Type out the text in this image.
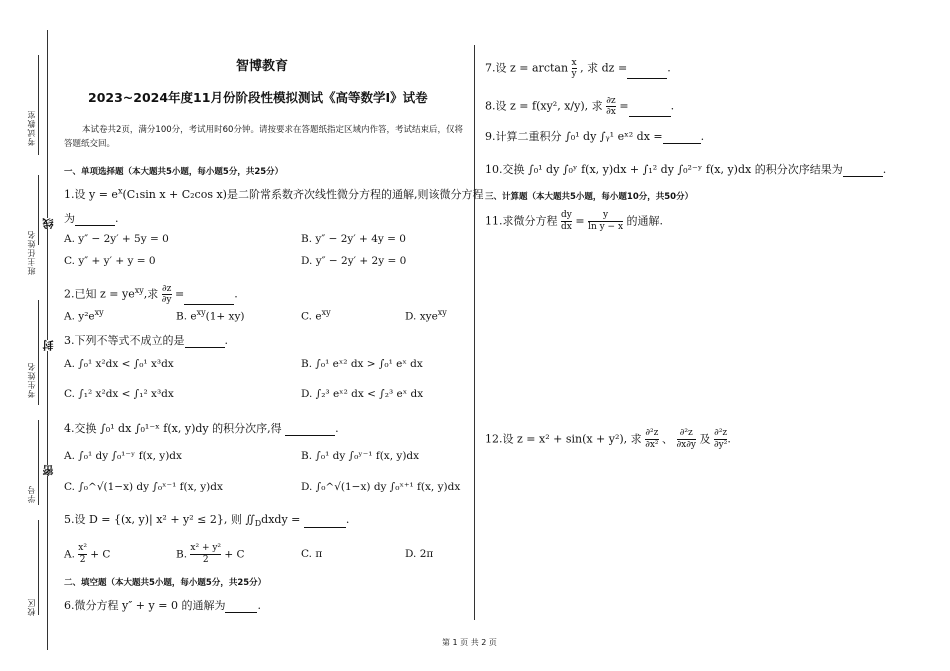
考试教室
班主任姓名
考生姓名
学号
校区
线
封
密
智博教育
2023~2024年度11月份阶段性模拟测试《高等数学I》试卷
本试卷共2页，满分100分，考试用时60分钟。请按要求在答题纸指定区域内作答，考试结束后，仅将答题纸交回。
一、单项选择题（本大题共5小题，每小题5分，共25分）
1.设 $y = e^x(C_1\sin$ x + C₂cos x)是二阶常系数齐次线性微分方程的通解,则该微分方程
为	.
A. y″ − 2y′ + 5y = 0	B. y″ − 2y′ + 4y = 0
C. y″ + y′ + y = 0	D. y″ − 2y′ + 2y = 0
2.已知 $z = ye^{xy}$,求 $\frac{\partial z}{\partial y}$ =	.
A. $y^2e^{xy}$	B. $e^{xy}(1+ xy)$	C. $e^{xy}$	D. xye$^{xy}$
3.下列不等式不成立的是	.
A. ∫₀¹ x²dx < ∫₀¹ x³dx	B. ∫₀¹ eˣ² dx > ∫₀¹ eˣ dx
C. ∫₁² x²dx < ∫₁² x³dx	D. ∫₂³ eˣ² dx < ∫₂³ eˣ dx
4.交换 ∫₀¹ dx ∫₀¹⁻ˣ f(x, y)dy 的积分次序,得	.
A. ∫₀¹ dy ∫₀¹⁻ʸ f(x, y)dx	B. ∫₀¹ dy ∫₀ʸ⁻¹ f(x, y)dx
C. ∫₀^√(1−x) dy ∫₀ˣ⁻¹ f(x, y)dx	D. ∫₀^√(1−x) dy ∫₀ˣ⁺¹ f(x, y)dx
5.设 D = {(x, y)| x² + y² ≤ 2}, 则 $∬_Ddxdy$ =	.
A. $\frac{\text{x²}}{2} + C$	B. $\frac{\text{x² + y²}}{2} + C$	C. π	D. 2π
二、填空题（本大题共5小题，每小题5分，共25分）
6.微分方程 y″ + y = 0 的通解为	.
7.设 $z = \arctan \frac{x}{y}$ , 求 dz =	.
8.设 z = f(xy², x/y), 求 $\frac{\partial z}{\partial x}$ =	.
9.计算二重积分 ∫₀¹ dy ∫ᵧ¹ eˣ² dx =	.
10.交换 ∫₀¹ dy ∫₀ʸ f(x, y)dx + ∫₁² dy ∫₀²⁻ʸ f(x, y)dx 的积分次序结果为	.
三、计算题（本大题共5小题，每小题10分，共50分）
11.求微分方程 $\frac{dy}{dx} = \frac{y}{\text{ln y − x}}$ 的通解.
12.设 z = x² + sin(x + y²), 求 $\frac{\text{∂²z}}{\text{∂x²}}$ 、 $\frac{\text{∂²z}}{\partial x\partial y}$ 及 $\frac{\text{∂²z}}{\text{∂y²}}$ .
第 1 页 共 2 页
